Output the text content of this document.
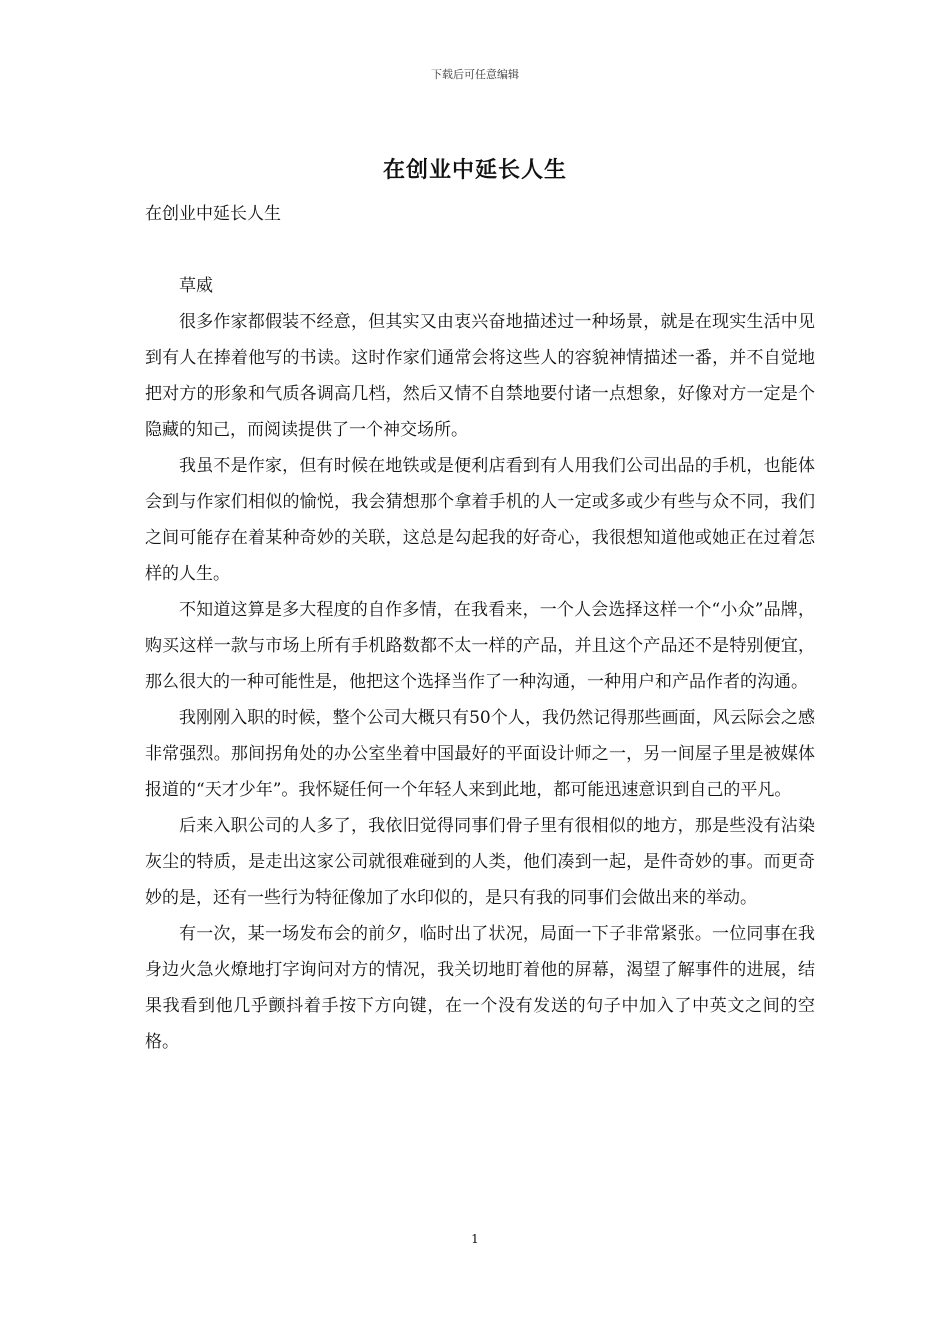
下载后可任意编辑
在创业中延长人生

在创业中延长人生

草威

很多作家都假装不经意，但其实又由衷兴奋地描述过一种场景，就是在现实生活中见到有人在捧着他写的书读。这时作家们通常会将这些人的容貌神情描述一番，并不自觉地把对方的形象和气质各调高几档，然后又情不自禁地要付诸一点想象，好像对方一定是个隐藏的知己，而阅读提供了一个神交场所。

我虽不是作家，但有时候在地铁或是便利店看到有人用我们公司出品的手机，也能体会到与作家们相似的愉悦，我会猜想那个拿着手机的人一定或多或少有些与众不同，我们之间可能存在着某种奇妙的关联，这总是勾起我的好奇心，我很想知道他或她正在过着怎样的人生。

不知道这算是多大程度的自作多情，在我看来，一个人会选择这样一个“小众”品牌，购买这样一款与市场上所有手机路数都不太一样的产品，并且这个产品还不是特别便宜，那么很大的一种可能性是，他把这个选择当作了一种沟通，一种用户和产品作者的沟通。

我刚刚入职的时候，整个公司大概只有50个人，我仍然记得那些画面，风云际会之感非常强烈。那间拐角处的办公室坐着中国最好的平面设计师之一，另一间屋子里是被媒体报道的“天才少年”。我怀疑任何一个年轻人来到此地，都可能迅速意识到自己的平凡。

后来入职公司的人多了，我依旧觉得同事们骨子里有很相似的地方，那是些没有沾染灰尘的特质，是走出这家公司就很难碰到的人类，他们凑到一起，是件奇妙的事。而更奇妙的是，还有一些行为特征像加了水印似的，是只有我的同事们会做出来的举动。

有一次，某一场发布会的前夕，临时出了状况，局面一下子非常紧张。一位同事在我身边火急火燎地打字询问对方的情况，我关切地盯着他的屏幕，渴望了解事件的进展，结果我看到他几乎颤抖着手按下方向键，在一个没有发送的句子中加入了中英文之间的空格。

1
